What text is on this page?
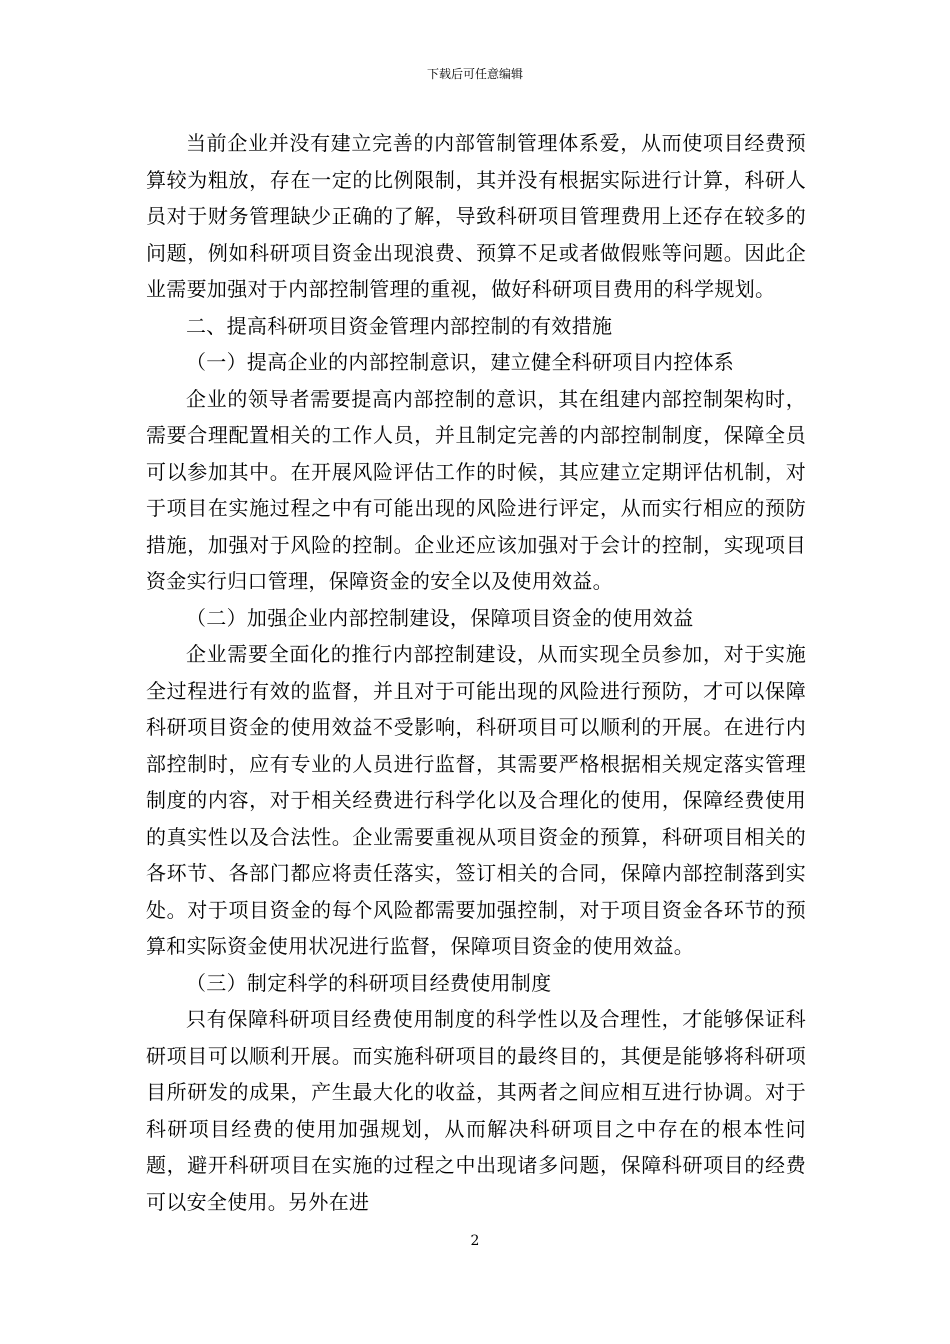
下载后可任意编辑

当前企业并没有建立完善的内部管制管理体系爱，从而使项目经费预算较为粗放，存在一定的比例限制，其并没有根据实际进行计算，科研人员对于财务管理缺少正确的了解，导致科研项目管理费用上还存在较多的问题，例如科研项目资金出现浪费、预算不足或者做假账等问题。因此企业需要加强对于内部控制管理的重视，做好科研项目费用的科学规划。

二、提高科研项目资金管理内部控制的有效措施

（一）提高企业的内部控制意识，建立健全科研项目内控体系

企业的领导者需要提高内部控制的意识，其在组建内部控制架构时，需要合理配置相关的工作人员，并且制定完善的内部控制制度，保障全员可以参加其中。在开展风险评估工作的时候，其应建立定期评估机制，对于项目在实施过程之中有可能出现的风险进行评定，从而实行相应的预防措施，加强对于风险的控制。企业还应该加强对于会计的控制，实现项目资金实行归口管理，保障资金的安全以及使用效益。

（二）加强企业内部控制建设，保障项目资金的使用效益

企业需要全面化的推行内部控制建设，从而实现全员参加，对于实施全过程进行有效的监督，并且对于可能出现的风险进行预防，才可以保障科研项目资金的使用效益不受影响，科研项目可以顺利的开展。在进行内部控制时，应有专业的人员进行监督，其需要严格根据相关规定落实管理制度的内容，对于相关经费进行科学化以及合理化的使用，保障经费使用的真实性以及合法性。企业需要重视从项目资金的预算，科研项目相关的各环节、各部门都应将责任落实，签订相关的合同，保障内部控制落到实处。对于项目资金的每个风险都需要加强控制，对于项目资金各环节的预算和实际资金使用状况进行监督，保障项目资金的使用效益。

（三）制定科学的科研项目经费使用制度

只有保障科研项目经费使用制度的科学性以及合理性，才能够保证科研项目可以顺利开展。而实施科研项目的最终目的，其便是能够将科研项目所研发的成果，产生最大化的收益，其两者之间应相互进行协调。对于科研项目经费的使用加强规划，从而解决科研项目之中存在的根本性问题，避开科研项目在实施的过程之中出现诸多问题，保障科研项目的经费可以安全使用。另外在进

2
